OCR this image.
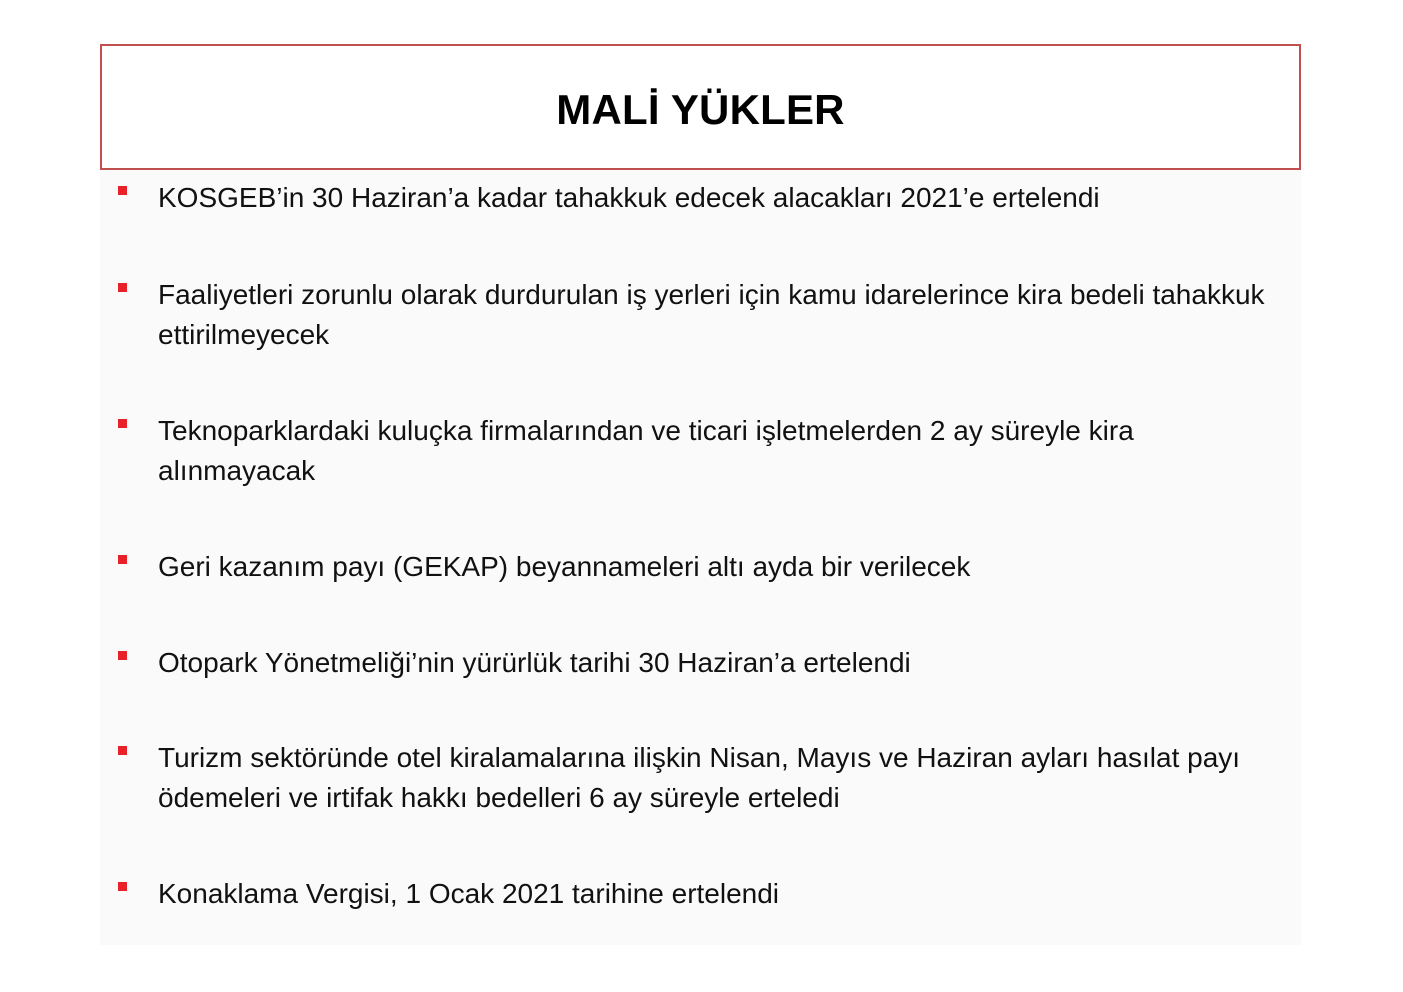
MALİ YÜKLER
KOSGEB’in 30 Haziran’a kadar tahakkuk edecek alacakları 2021’e ertelendi
Faaliyetleri zorunlu olarak durdurulan iş yerleri için kamu idarelerince kira bedeli tahakkuk ettirilmeyecek
Teknoparklardaki kuluçka firmalarından ve ticari işletmelerden 2 ay süreyle kira alınmayacak
Geri kazanım payı (GEKAP) beyannameleri altı ayda bir verilecek
Otopark Yönetmeliği’nin yürürlük tarihi 30 Haziran’a ertelendi
Turizm sektöründe otel kiralamalarına ilişkin Nisan, Mayıs ve Haziran ayları hasılat payı ödemeleri ve irtifak hakkı bedelleri 6 ay süreyle erteledi
Konaklama Vergisi, 1 Ocak 2021 tarihine ertelendi
